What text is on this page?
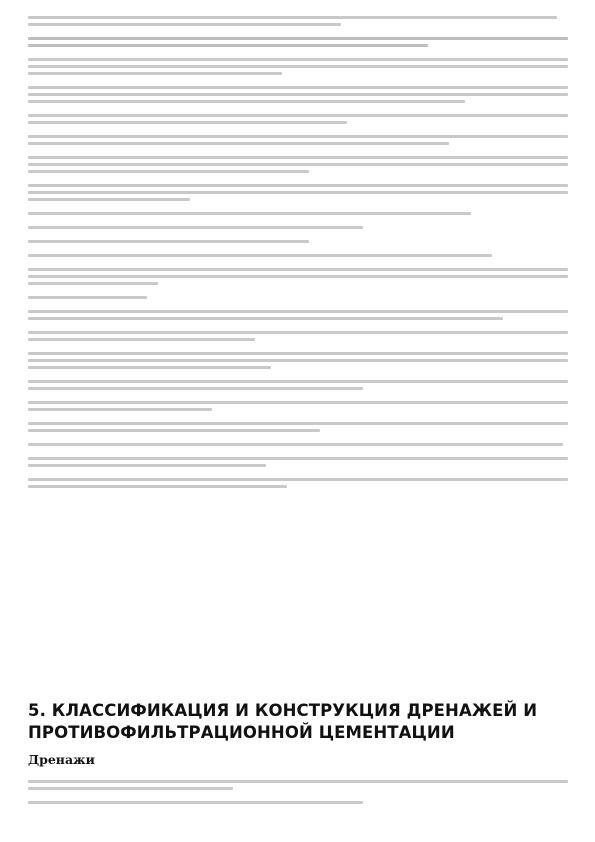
5. КЛАССИФИКАЦИЯ И КОНСТРУКЦИЯ ДРЕНАЖЕЙ И ПРОТИВОФИЛЬТРАЦИОННОЙ ЦЕМЕНТАЦИИ
Дренажи
